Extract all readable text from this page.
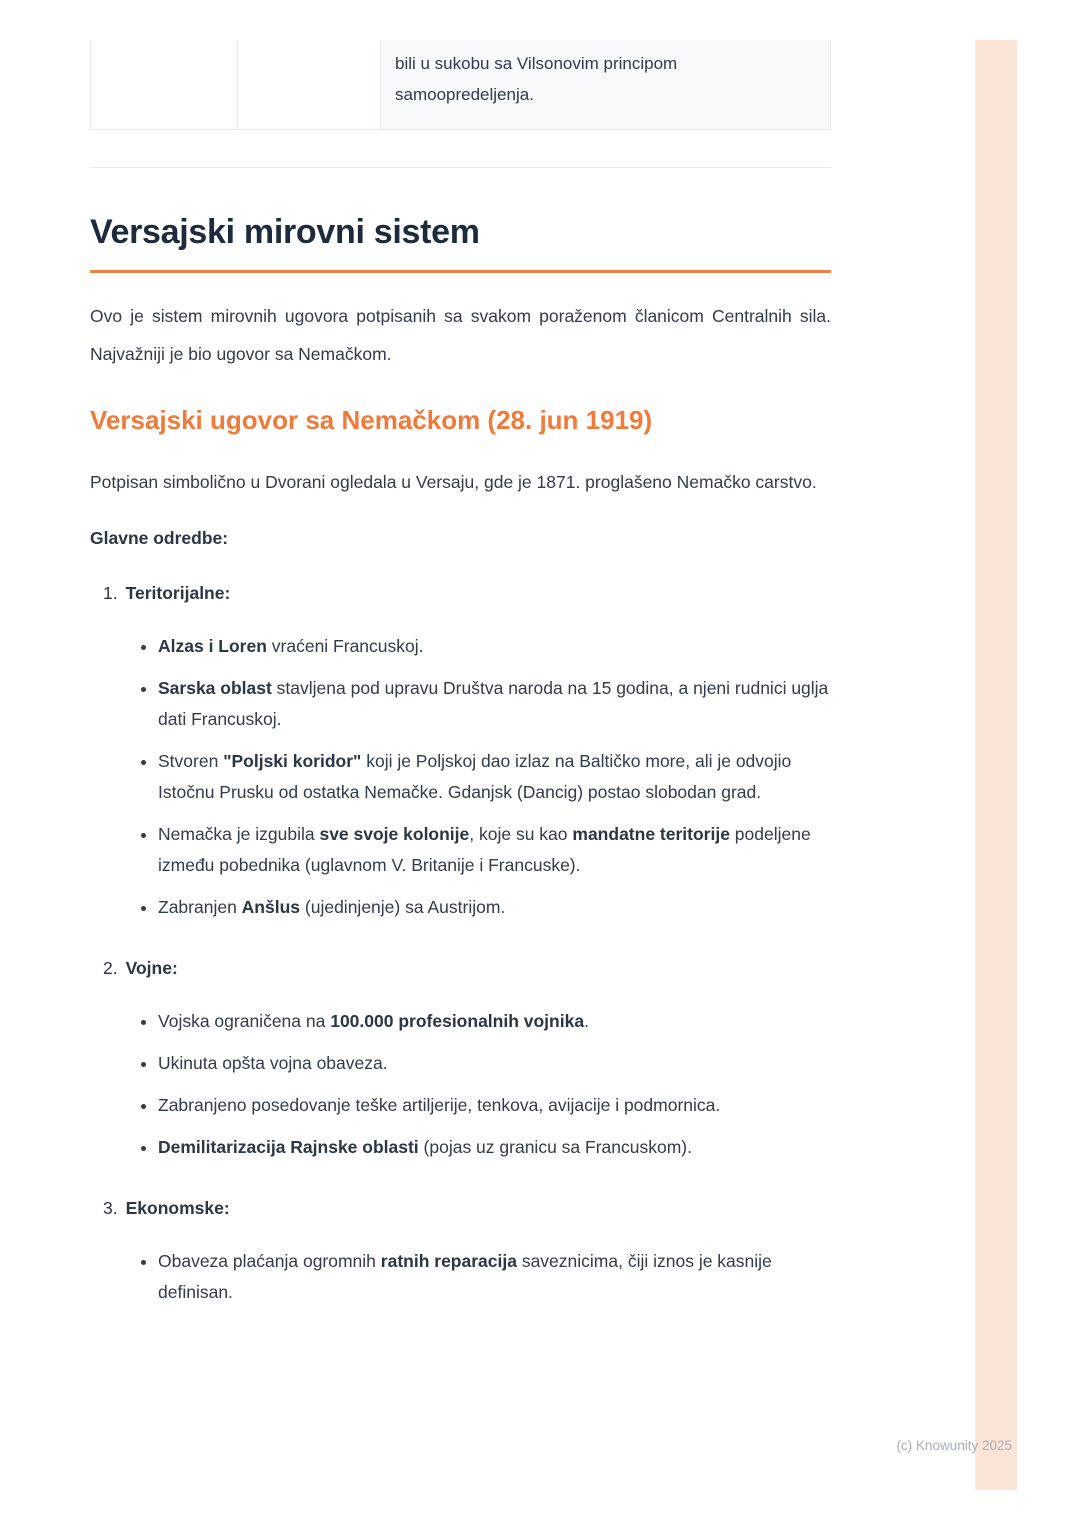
bili u sukobu sa Vilsonovim principom samoopredeljenja.
Versajski mirovni sistem

Ovo je sistem mirovnih ugovora potpisanih sa svakom poraženom članicom Centralnih sila. Najvažniji je bio ugovor sa Nemačkom.

Versajski ugovor sa Nemačkom (28. jun 1919)

Potpisan simbolično u Dvorani ogledala u Versaju, gde je 1871. proglašeno Nemačko carstvo.

Glavne odredbe:
1. Teritorijalne:
• Alzas i Loren vraćeni Francuskoj.
• Sarska oblast stavljena pod upravu Društva naroda na 15 godina, a njeni rudnici uglja dati Francuskoj.
• Stvoren "Poljski koridor" koji je Poljskoj dao izlaz na Baltičko more, ali je odvojio Istočnu Prusku od ostatka Nemačke. Gdanjsk (Dancig) postao slobodan grad.
• Nemačka je izgubila sve svoje kolonije, koje su kao mandatne teritorije podeljene između pobednika (uglavnom V. Britanije i Francuske).
• Zabranjen Anšlus (ujedinjenje) sa Austrijom.
2. Vojne:
• Vojska ograničena na 100.000 profesionalnih vojnika.
• Ukinuta opšta vojna obaveza.
• Zabranjeno posedovanje teške artiljerije, tenkova, avijacije i podmornica.
• Demilitarizacija Rajnske oblasti (pojas uz granicu sa Francuskom).
3. Ekonomske:
• Obaveza plaćanja ogromnih ratnih reparacija saveznicima, čiji iznos je kasnije definisan.
(c) Knowunity 2025
